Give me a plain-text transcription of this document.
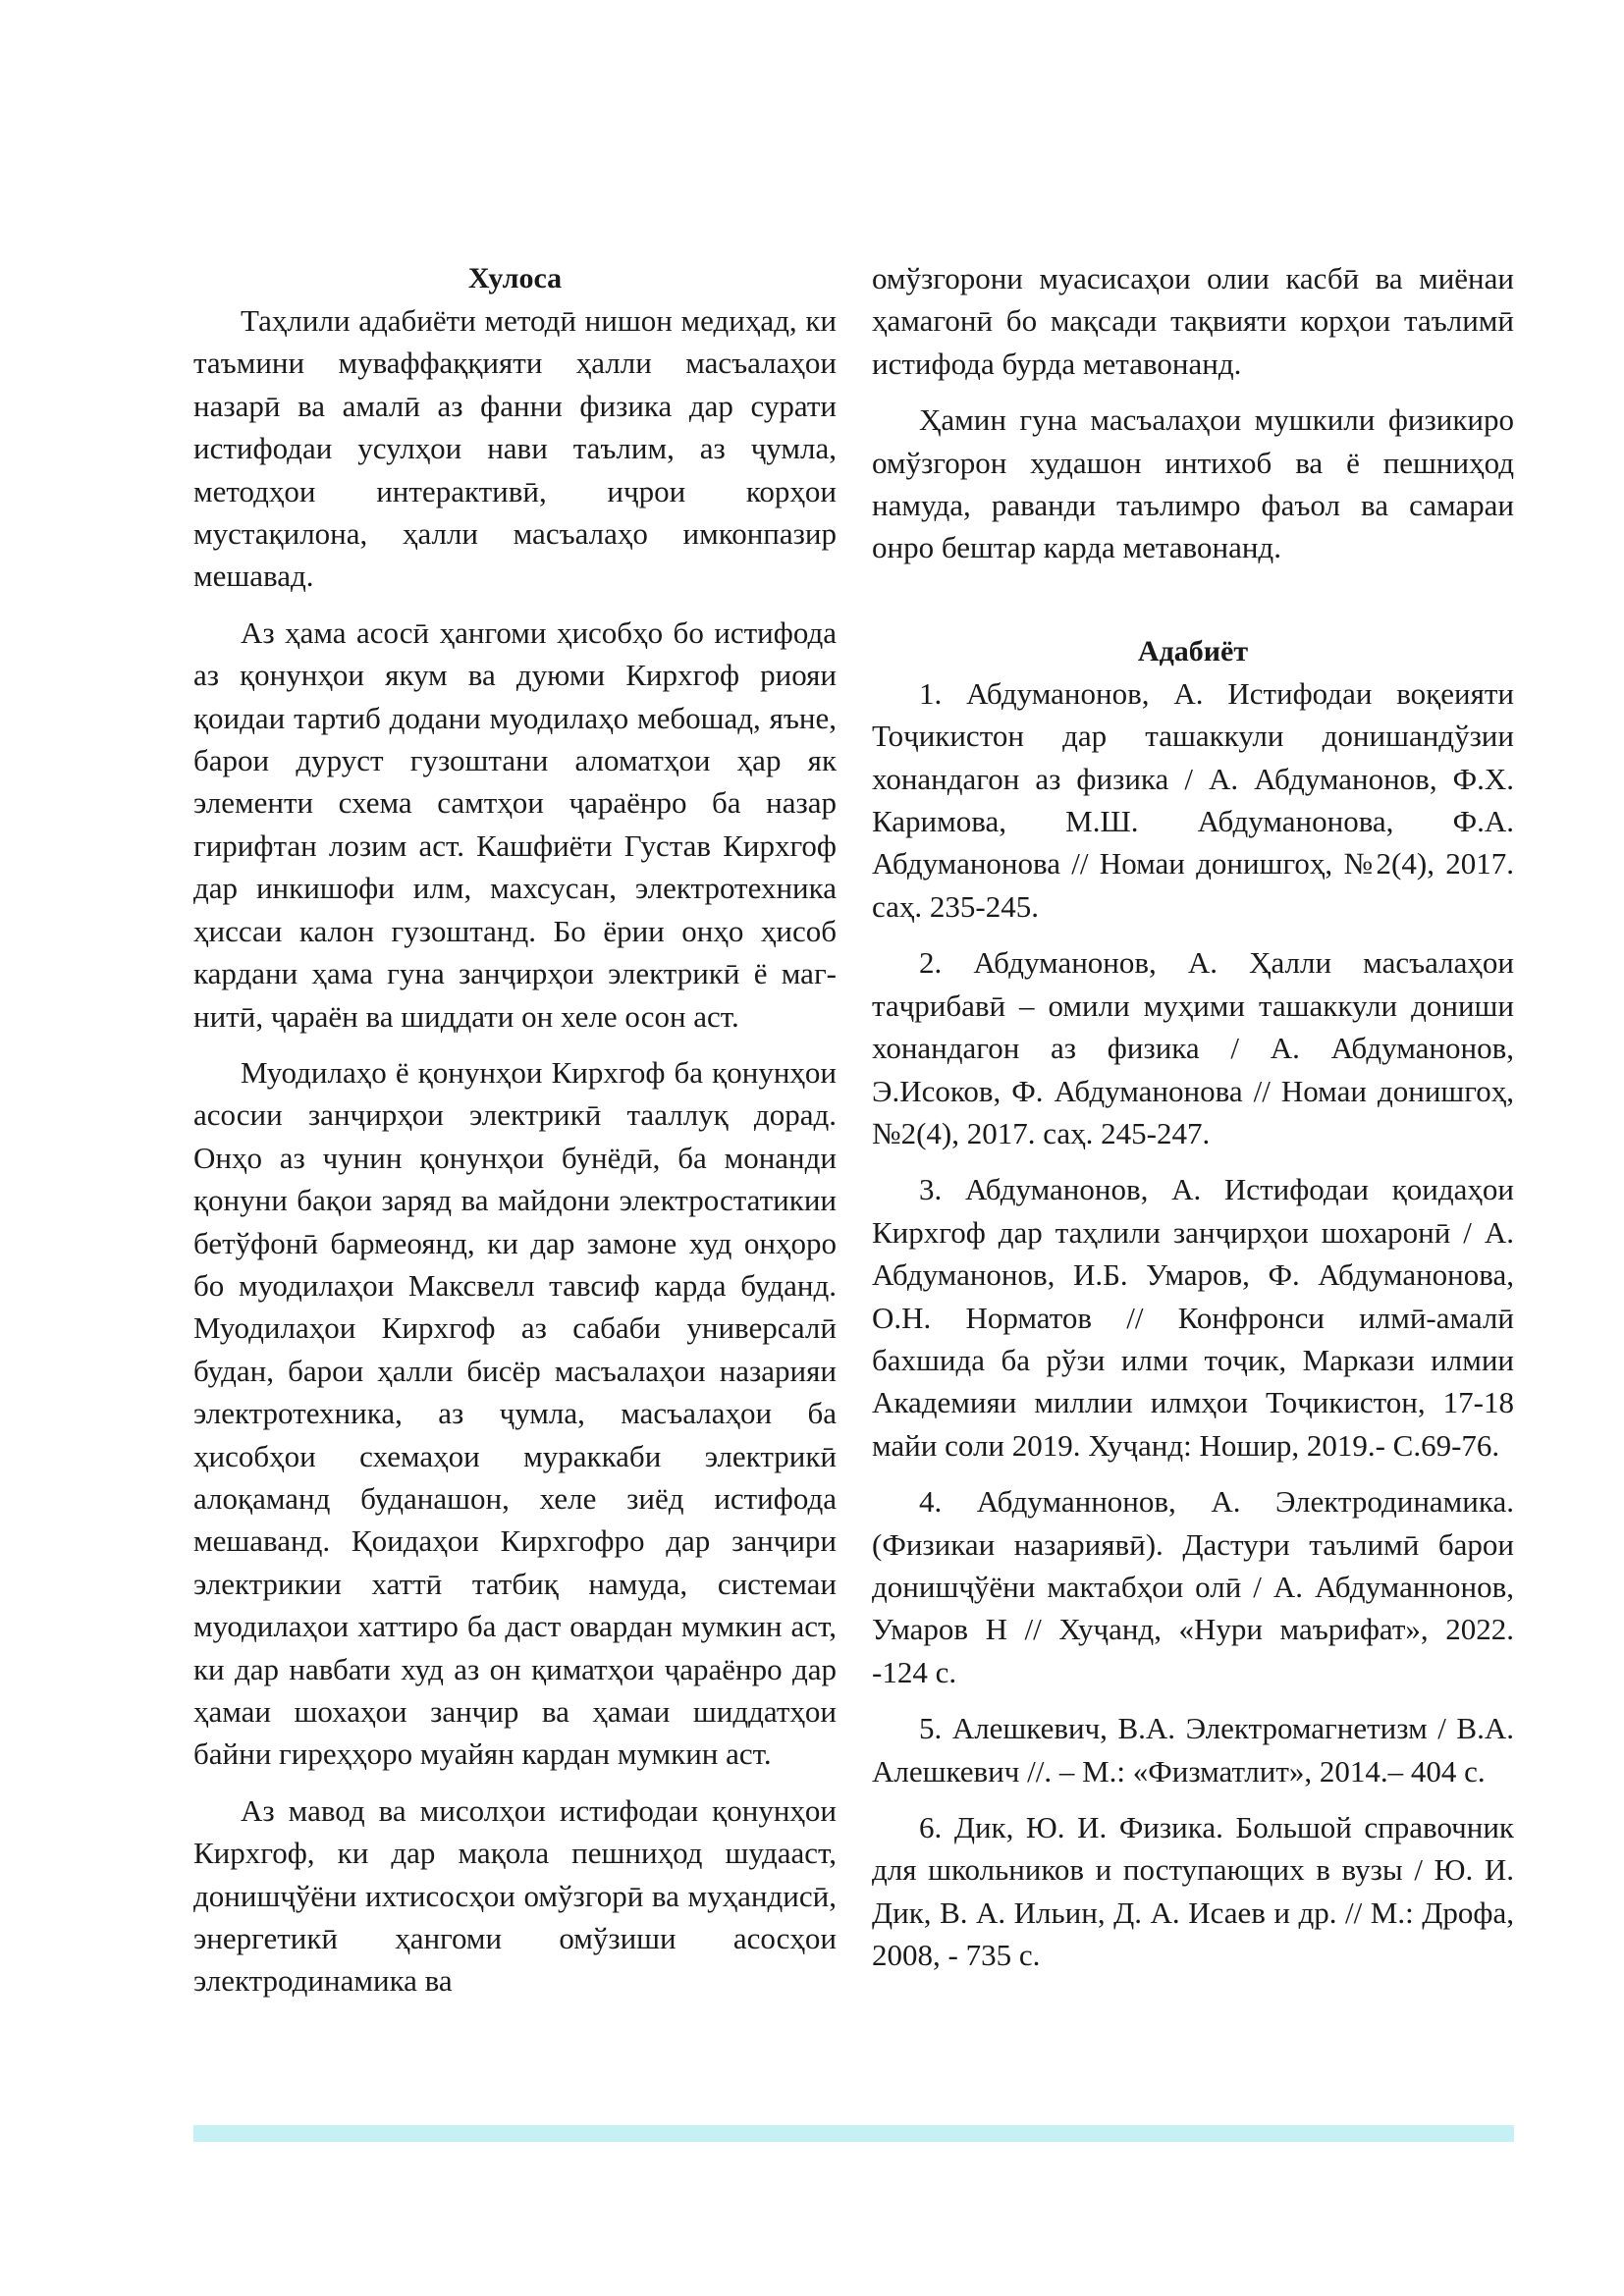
Хулоса

Таҳлили адабиёти методӣ нишон медиҳад, ки таъмини муваффаққияти ҳалли масъалаҳои назарӣ ва амалӣ аз фанни физика дар сурати истифодаи усулҳои нави таълим, аз ҷумла, методҳои интерактивӣ, иҷрои корҳои мустақилона, ҳалли масъалаҳо имконпазир мешавад.

Аз ҳама асосӣ ҳангоми ҳисобҳо бо истифода аз қонунҳои якум ва дуюми Кирхгоф риояи қоидаи тартиб додани муодилаҳо мебошад, яъне, барои дуруст гузоштани аломатҳои ҳар як элементи схема самтҳои ҷараёнро ба назар гирифтан лозим аст. Кашфиёти Густав Кирхгоф дар инкишофи илм, махсусан, электротехника ҳиссаи калон гузоштанд. Бо ёрии онҳо ҳисоб кардани ҳама гуна занҷирҳои электрикӣ ё магнитӣ, ҷараён ва шиддати он хеле осон аст.

Муодилаҳо ё қонунҳои Кирхгоф ба қонунҳои асосии занҷирҳои электрикӣ тааллуқ дорад. Онҳо аз чунин қонунҳои бунёдӣ, ба монанди қонуни бақои заряд ва майдони электростатикии бетўфонӣ бармеоянд, ки дар замоне худ онҳоро бо муодилаҳои Максвелл тавсиф карда буданд. Муодилаҳои Кирхгоф аз сабаби универсалӣ будан, барои ҳалли бисёр масъалаҳои назарияи электротехника, аз ҷумла, масъалаҳои ба ҳисобҳои схемаҳои мураккаби электрикӣ алоқаманд буданашон, хеле зиёд истифода мешаванд. Қоидаҳои Кирхгофро дар занҷири электрикии хаттӣ татбиқ намуда, системаи муодилаҳои хаттиро ба даст овардан мумкин аст, ки дар навбати худ аз он қиматҳои ҷараёнро дар ҳамаи шохаҳои занҷир ва ҳамаи шиддатҳои байни гиреҳҳоро муайян кардан мумкин аст.

Аз мавод ва мисолҳои истифодаи қонунҳои Кирхгоф, ки дар мақола пешниҳод шудааст, донишҷўёни ихтисосҳои омўзгорӣ ва муҳандисӣ, энергетикӣ ҳангоми омўзиши асосҳои электродинамика ва

омўзгорони муасисаҳои олии касбӣ ва миёнаи ҳамагонӣ бо мақсади тақвияти корҳои таълимӣ истифода бурда метавонанд.

Ҳамин гуна масъалаҳои мушкили физикиро омўзгорон худашон интихоб ва ё пешниҳод намуда, раванди таълимро фаъол ва самараи онро бештар карда метавонанд.

Адабиёт

1. Абдуманонов, А. Истифодаи воқеияти Тоҷикистон дар ташаккули донишандўзии хонандагон аз физика / А. Абдуманонов, Ф.Х. Каримова, М.Ш. Абдуманонова, Ф.А. Абдуманонова // Номаи донишгоҳ, №2(4), 2017. саҳ. 235-245.

2. Абдуманонов, А. Ҳалли масъалаҳои таҷрибавӣ – омили муҳими ташаккули дониши хонандагон аз физика / А. Абдуманонов, Э.Исоков, Ф. Абдуманонова // Номаи донишгоҳ, №2(4), 2017. саҳ. 245-247.

3. Абдуманонов, А. Истифодаи қоидаҳои Кирхгоф дар таҳлили занҷирҳои шохаронӣ / А. Абдуманонов, И.Б. Умаров, Ф. Абдуманонова, О.Н. Норматов // Конфронси илмӣ-амалӣ бахшида ба рўзи илми тоҷик, Маркази илмии Академияи миллии илмҳои Тоҷикистон, 17-18 майи соли 2019. Хуҷанд: Ношир, 2019.- С.69-76.

4. Абдуманнонов, А. Электродинамика. (Физикаи назариявӣ). Дастури таълимӣ барои донишҷўёни мактабҳои олӣ / А. Абдуманнонов, Умаров Н // Хуҷанд, «Нури маърифат», 2022. -124 с.

5. Алешкевич, В.А. Электромагнетизм / В.А. Алешкевич //. – М.: «Физматлит», 2014.– 404 с.

6. Дик, Ю. И. Физика. Большой справочник для школьников и поступающих в вузы / Ю. И. Дик, В. А. Ильин, Д. А. Исаев и др. // М.: Дрофа, 2008, - 735 с.
